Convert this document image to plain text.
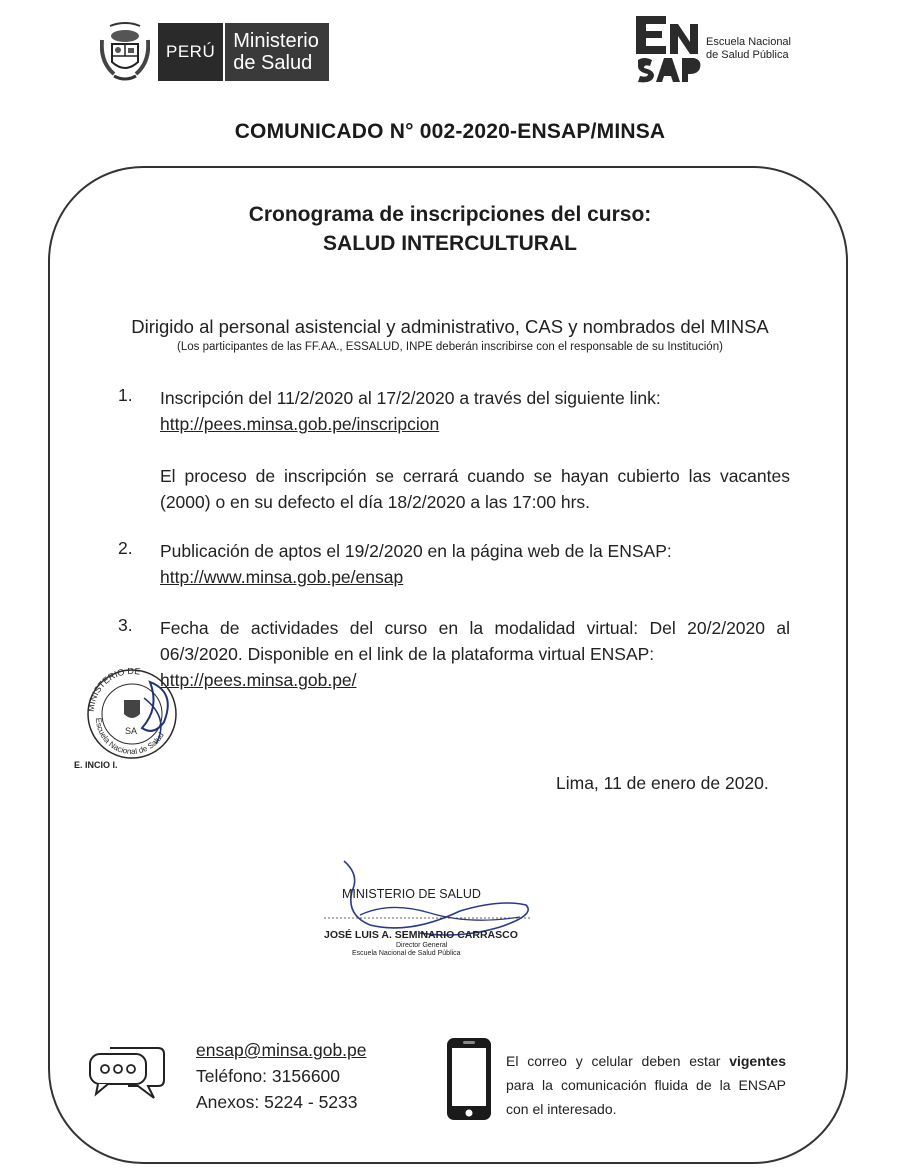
PERÚ Ministerio
de Salud
Escuela Nacional
de Salud Pública
COMUNICADO N° 002-2020-ENSAP/MINSA
Cronograma de inscripciones del curso:
SALUD INTERCULTURAL
Dirigido al personal asistencial y administrativo, CAS y nombrados del MINSA
(Los participantes de las FF.AA., ESSALUD, INPE deberán inscribirse con el responsable de su Institución)
1. Inscripción del 11/2/2020 al 17/2/2020 a través del siguiente link:
http://pees.minsa.gob.pe/inscripcion
El proceso de inscripción se cerrará cuando se hayan cubierto las vacantes (2000) o en su defecto el día 18/2/2020 a las 17:00 hrs.
2. Publicación de aptos el 19/2/2020 en la página web de la ENSAP:
http://www.minsa.gob.pe/ensap
3. Fecha de actividades del curso en la modalidad virtual: Del 20/2/2020 al 06/3/2020. Disponible en el link de la plataforma virtual ENSAP:
http://pees.minsa.gob.pe/
MINISTERIO DE
Escuela Nacional de Salud
SA
E. INCIO I.
Lima, 11 de enero de 2020.
MINISTERIO DE SALUD
JOSÉ LUIS A. SEMINARIO CARRASCO
Director General
Escuela Nacional de Salud Pública
ensap@minsa.gob.pe
Teléfono: 3156600
Anexos: 5224 - 5233
El correo y celular deben estar vigentes para la comunicación fluida de la ENSAP con el interesado.
